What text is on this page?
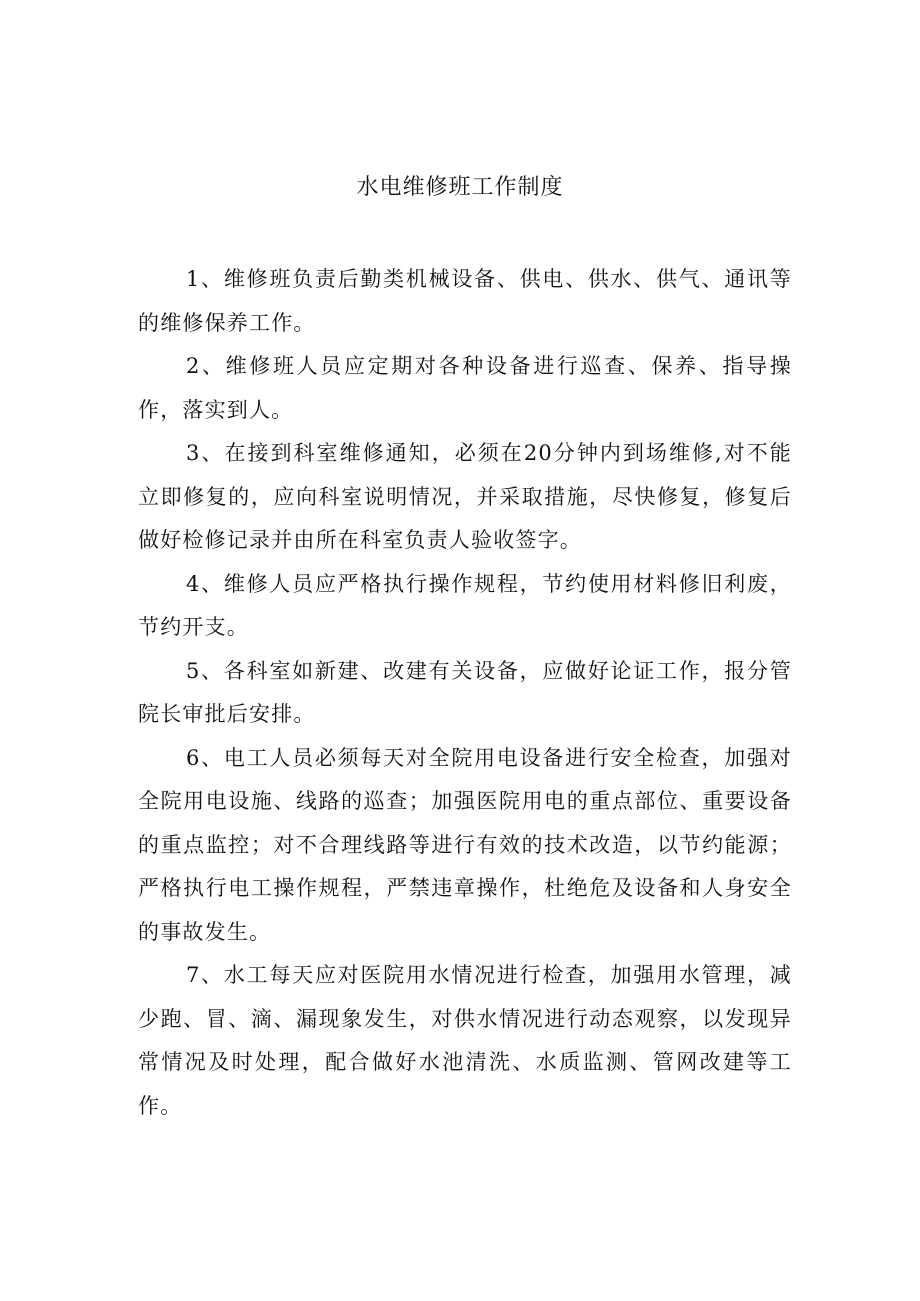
水电维修班工作制度

1、维修班负责后勤类机械设备、供电、供水、供气、通讯等的维修保养工作。

2、维修班人员应定期对各种设备进行巡查、保养、指导操作，落实到人。

3、在接到科室维修通知，必须在20分钟内到场维修,对不能立即修复的，应向科室说明情况，并采取措施，尽快修复，修复后做好检修记录并由所在科室负责人验收签字。

4、维修人员应严格执行操作规程，节约使用材料修旧利废，节约开支。

5、各科室如新建、改建有关设备，应做好论证工作，报分管院长审批后安排。

6、电工人员必须每天对全院用电设备进行安全检查，加强对全院用电设施、线路的巡查；加强医院用电的重点部位、重要设备的重点监控；对不合理线路等进行有效的技术改造，以节约能源；严格执行电工操作规程，严禁违章操作，杜绝危及设备和人身安全的事故发生。

7、水工每天应对医院用水情况进行检查，加强用水管理，减少跑、冒、滴、漏现象发生，对供水情况进行动态观察，以发现异常情况及时处理，配合做好水池清洗、水质监测、管网改建等工作。
